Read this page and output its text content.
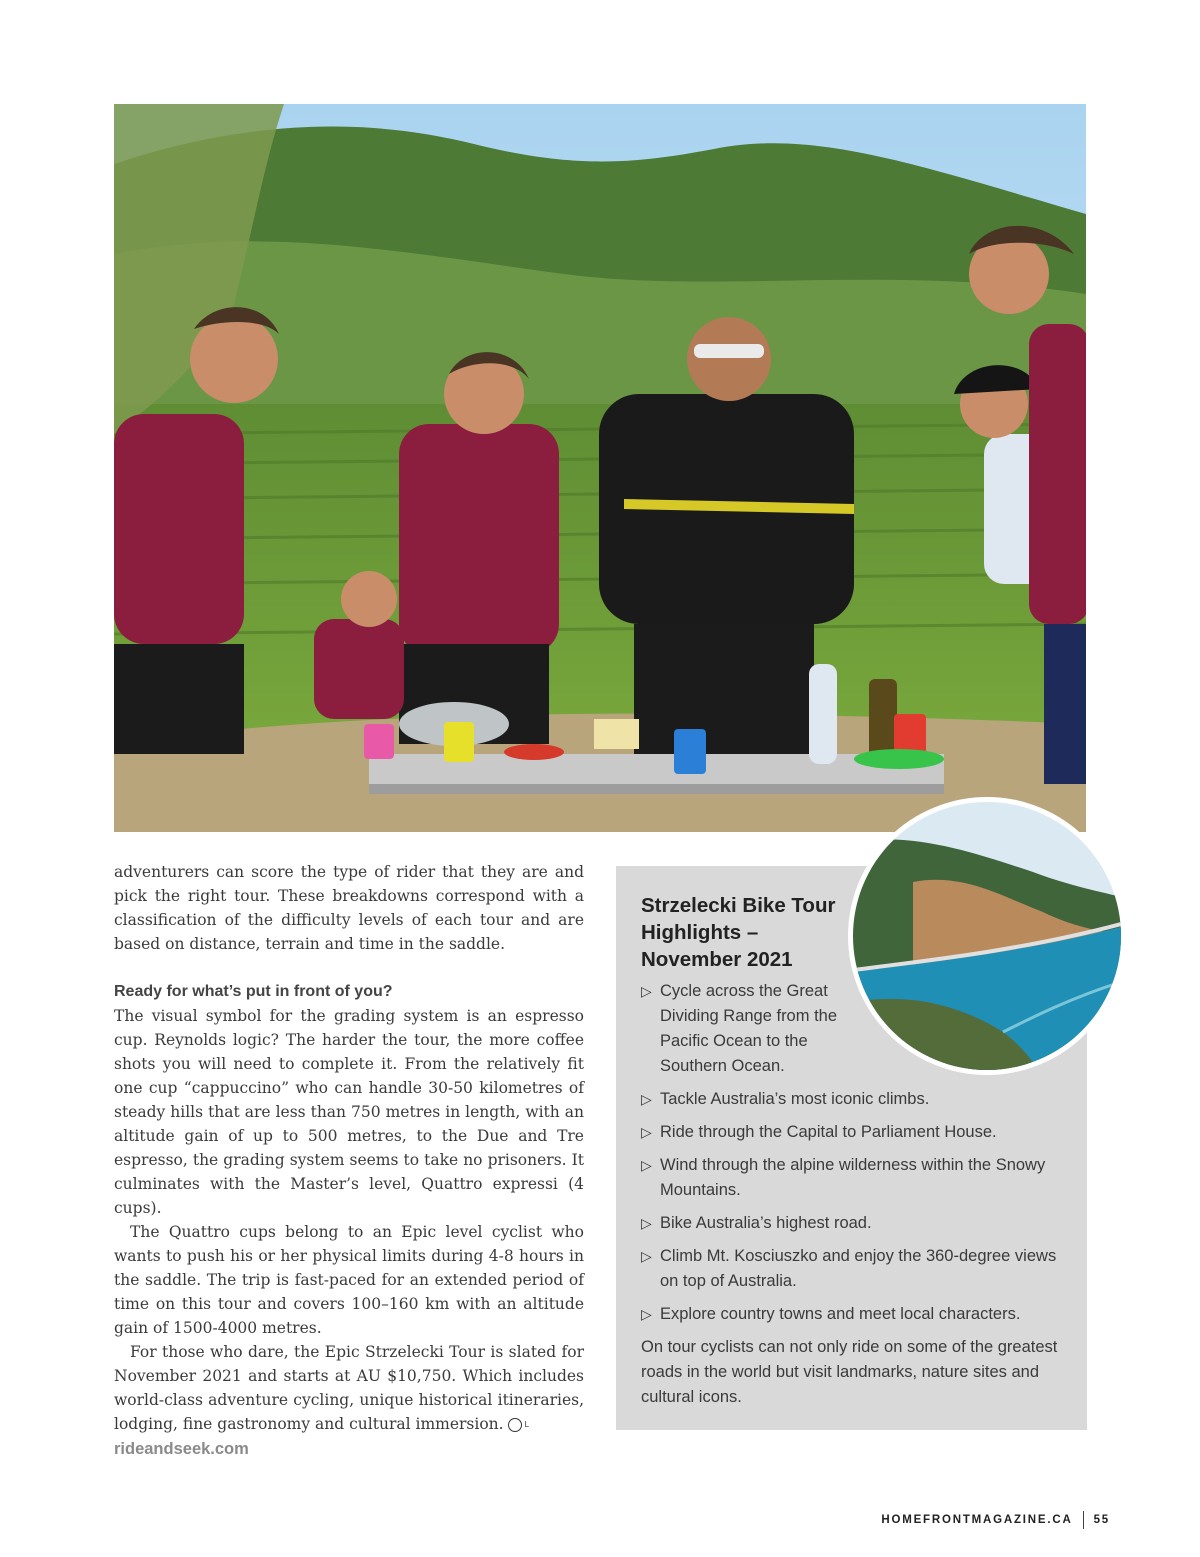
adventurers can score the type of rider that they are and pick the right tour. These breakdowns correspond with a classification of the difficulty levels of each tour and are based on distance, terrain and time in the saddle.

Ready for what’s put in front of you?

The visual symbol for the grading system is an espresso cup. Reynolds logic? The harder the tour, the more coffee shots you will need to complete it. From the relatively fit one cup “cappuccino” who can handle 30-50 kilometres of steady hills that are less than 750 metres in length, with an altitude gain of up to 500 metres, to the Due and Tre espresso, the grading system seems to take no prisoners. It culminates with the Master’s level, Quattro expressi (4 cups).

The Quattro cups belong to an Epic level cyclist who wants to push his or her physical limits during 4-8 hours in the saddle. The trip is fast-paced for an extended period of time on this tour and covers 100–160 km with an altitude gain of 1500-4000 metres.

For those who dare, the Epic Strzelecki Tour is slated for November 2021 and starts at AU $10,750. Which includes world-class adventure cycling, unique historical itineraries, lodging, fine gastronomy and cultural immersion.	L

rideandseek.com
Strzelecki Bike Tour Highlights – November 2021
▷ Cycle across the Great Dividing Range from the Pacific Ocean to the Southern Ocean.
▷ Tackle Australia’s most iconic climbs.
▷ Ride through the Capital to Parliament House.
▷ Wind through the alpine wilderness within the Snowy Mountains.
▷ Bike Australia’s highest road.
▷ Climb Mt. Kosciuszko and enjoy the 360-degree views on top of Australia.
▷ Explore country towns and meet local characters.
On tour cyclists can not only ride on some of the greatest roads in the world but visit landmarks, nature sites and cultural icons.
HOMEFRONTMAGAZINE.CA 55
